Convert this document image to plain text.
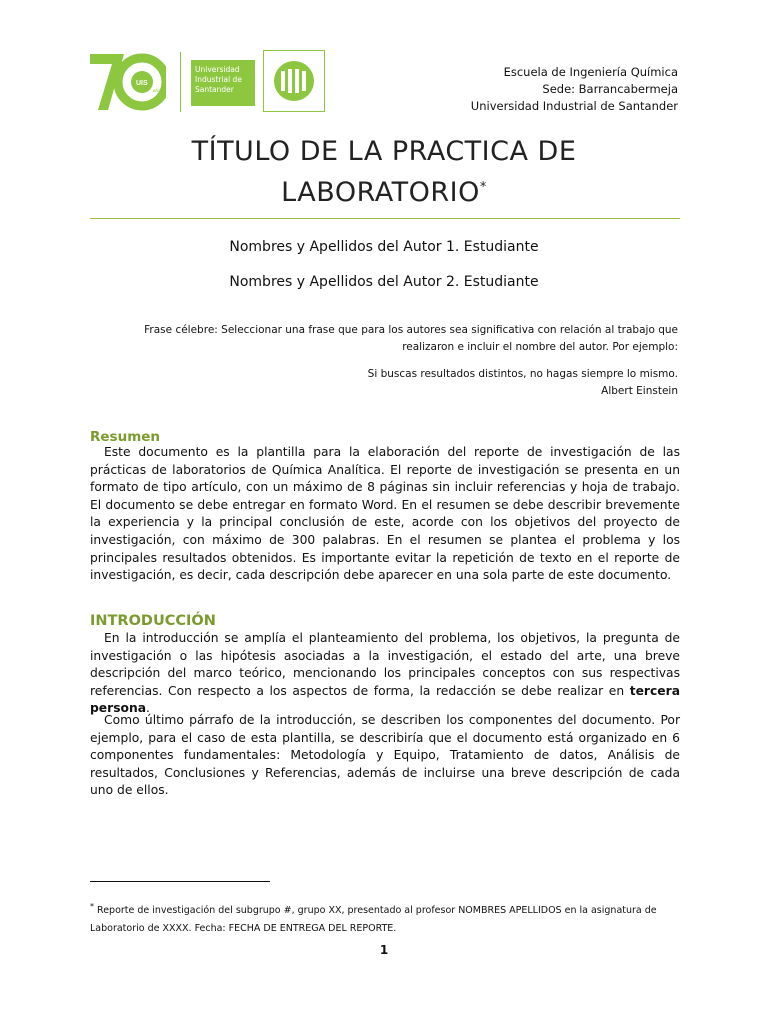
UIS
años
Universidad
Industrial de
Santander
Escuela de Ingeniería Química
Sede: Barrancabermeja
Universidad Industrial de Santander
TÍTULO DE LA PRACTICA DE
LABORATORIO*
Nombres y Apellidos del Autor 1. Estudiante
Nombres y Apellidos del Autor 2. Estudiante
Frase célebre: Seleccionar una frase que para los autores sea significativa con relación al trabajo que
realizaron e incluir el nombre del autor. Por ejemplo:
Si buscas resultados distintos, no hagas siempre lo mismo.
Albert Einstein
Resumen
Este documento es la plantilla para la elaboración del reporte de investigación de las prácticas de laboratorios de Química Analítica. El reporte de investigación se presenta en un formato de tipo artículo, con un máximo de 8 páginas sin incluir referencias y hoja de trabajo. El documento se debe entregar en formato Word. En el resumen se debe describir brevemente la experiencia y la principal conclusión de este, acorde con los objetivos del proyecto de investigación, con máximo de 300 palabras. En el resumen se plantea el problema y los principales resultados obtenidos. Es importante evitar la repetición de texto en el reporte de investigación, es decir, cada descripción debe aparecer en una sola parte de este documento.
INTRODUCCIÓN
En la introducción se amplía el planteamiento del problema, los objetivos, la pregunta de investigación o las hipótesis asociadas a la investigación, el estado del arte, una breve descripción del marco teórico, mencionando los principales conceptos con sus respectivas referencias. Con respecto a los aspectos de forma, la redacción se debe realizar en tercera persona.
Como último párrafo de la introducción, se describen los componentes del documento. Por ejemplo, para el caso de esta plantilla, se describiría que el documento está organizado en 6 componentes fundamentales: Metodología y Equipo, Tratamiento de datos, Análisis de resultados, Conclusiones y Referencias, además de incluirse una breve descripción de cada uno de ellos.
* Reporte de investigación del subgrupo #, grupo XX, presentado al profesor NOMBRES APELLIDOS en la asignatura de Laboratorio de XXXX. Fecha: FECHA DE ENTREGA DEL REPORTE.
1
